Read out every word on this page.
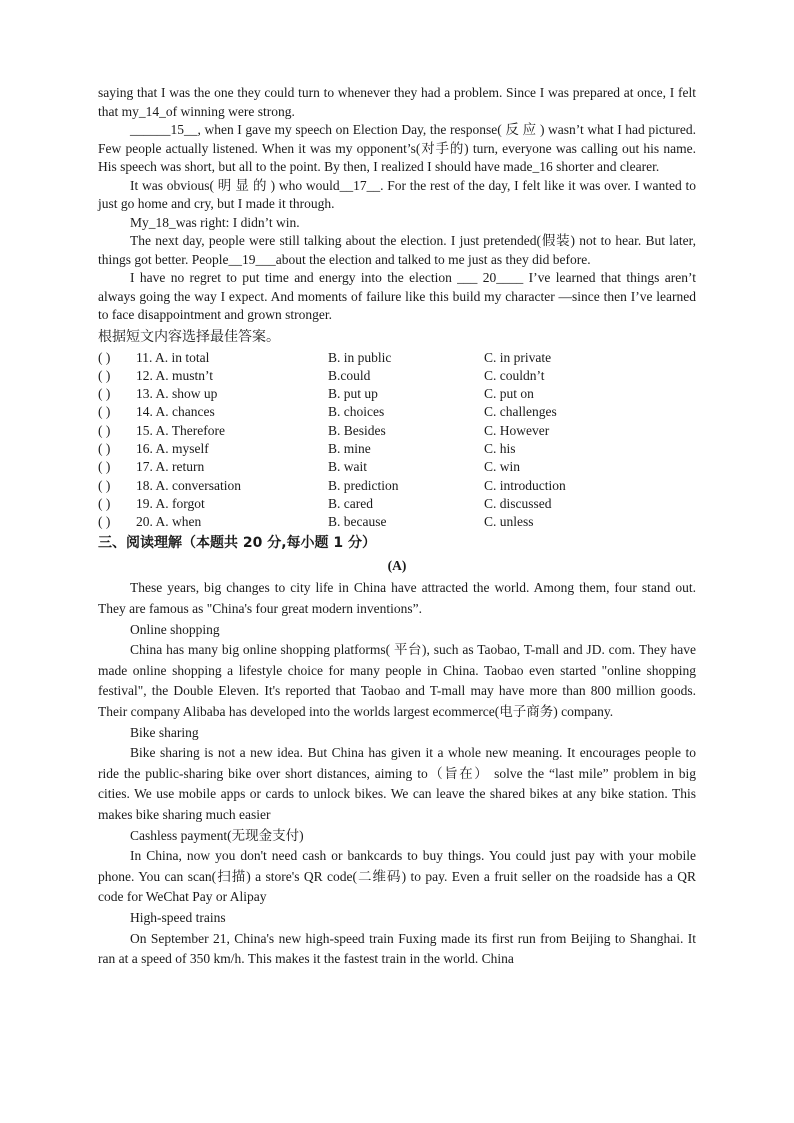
saying that I was the one they could turn to whenever they had a problem. Since I was prepared at once, I felt that my_14_of winning were strong.

______15__, when I gave my speech on Election Day, the response( 反 应 ) wasn’t what I had pictured. Few people actually listened. When it was my opponent’s(对手的) turn, everyone was calling out his name. His speech was short, but all to the point. By then, I realized I should have made_16 shorter and clearer.

It was obvious( 明 显 的 ) who would__17__. For the rest of the day, I felt like it was over. I wanted to just go home and cry, but I made it through.

My_18_was right: I didn’t win.

The next day, people were still talking about the election. I just pretended(假装) not to hear. But later, things got better. People__19___about the election and talked to me just as they did before.

I have no regret to put time and energy into the election ___ 20____ I’ve learned that things aren’t always going the way I expect. And moments of failure like this build my character —since then I’ve learned to face disappointment and grown stronger.

根据短文内容选择最佳答案。

( ) 11. A. in total	B. in public	C. in private
( ) 12. A. mustn’t	B.could	C. couldn’t
( ) 13. A. show up	B. put up	C. put on
( ) 14. A. chances	B. choices	C. challenges
( ) 15. A. Therefore	B. Besides	C. However
( ) 16. A. myself	B. mine	C. his
( ) 17. A. return	B. wait	C. win
( ) 18. A. conversation	B. prediction	C. introduction
( ) 19. A. forgot	B. cared	C. discussed
( ) 20. A. when	B. because	C. unless

三、阅读理解（本题共 20 分,每小题 1 分）

(A)

These years, big changes to city life in China have attracted the world. Among them, four stand out. They are famous as "China's four great modern inventions”.

Online shopping

China has many big online shopping platforms( 平台), such as Taobao, T-mall and JD. com. They have made online shopping a lifestyle choice for many people in China. Taobao even started "online shopping festival", the Double Eleven. It's reported that Taobao and T-mall may have more than 800 million goods. Their company Alibaba has developed into the worlds largest ecommerce(电子商务) company.

Bike sharing

Bike sharing is not a new idea. But China has given it a whole new meaning. It encourages people to ride the public-sharing bike over short distances, aiming to（旨在） solve the “last mile” problem in big cities. We use mobile apps or cards to unlock bikes. We can leave the shared bikes at any bike station. This makes bike sharing much easier

Cashless payment(无现金支付)

In China, now you don't need cash or bankcards to buy things. You could just pay with your mobile phone. You can scan(扫描) a store's QR code(二维码) to pay. Even a fruit seller on the roadside has a QR code for WeChat Pay or Alipay

High-speed trains

On September 21, China's new high-speed train Fuxing made its first run from Beijing to Shanghai. It ran at a speed of 350 km/h. This makes it the fastest train in the world. China
